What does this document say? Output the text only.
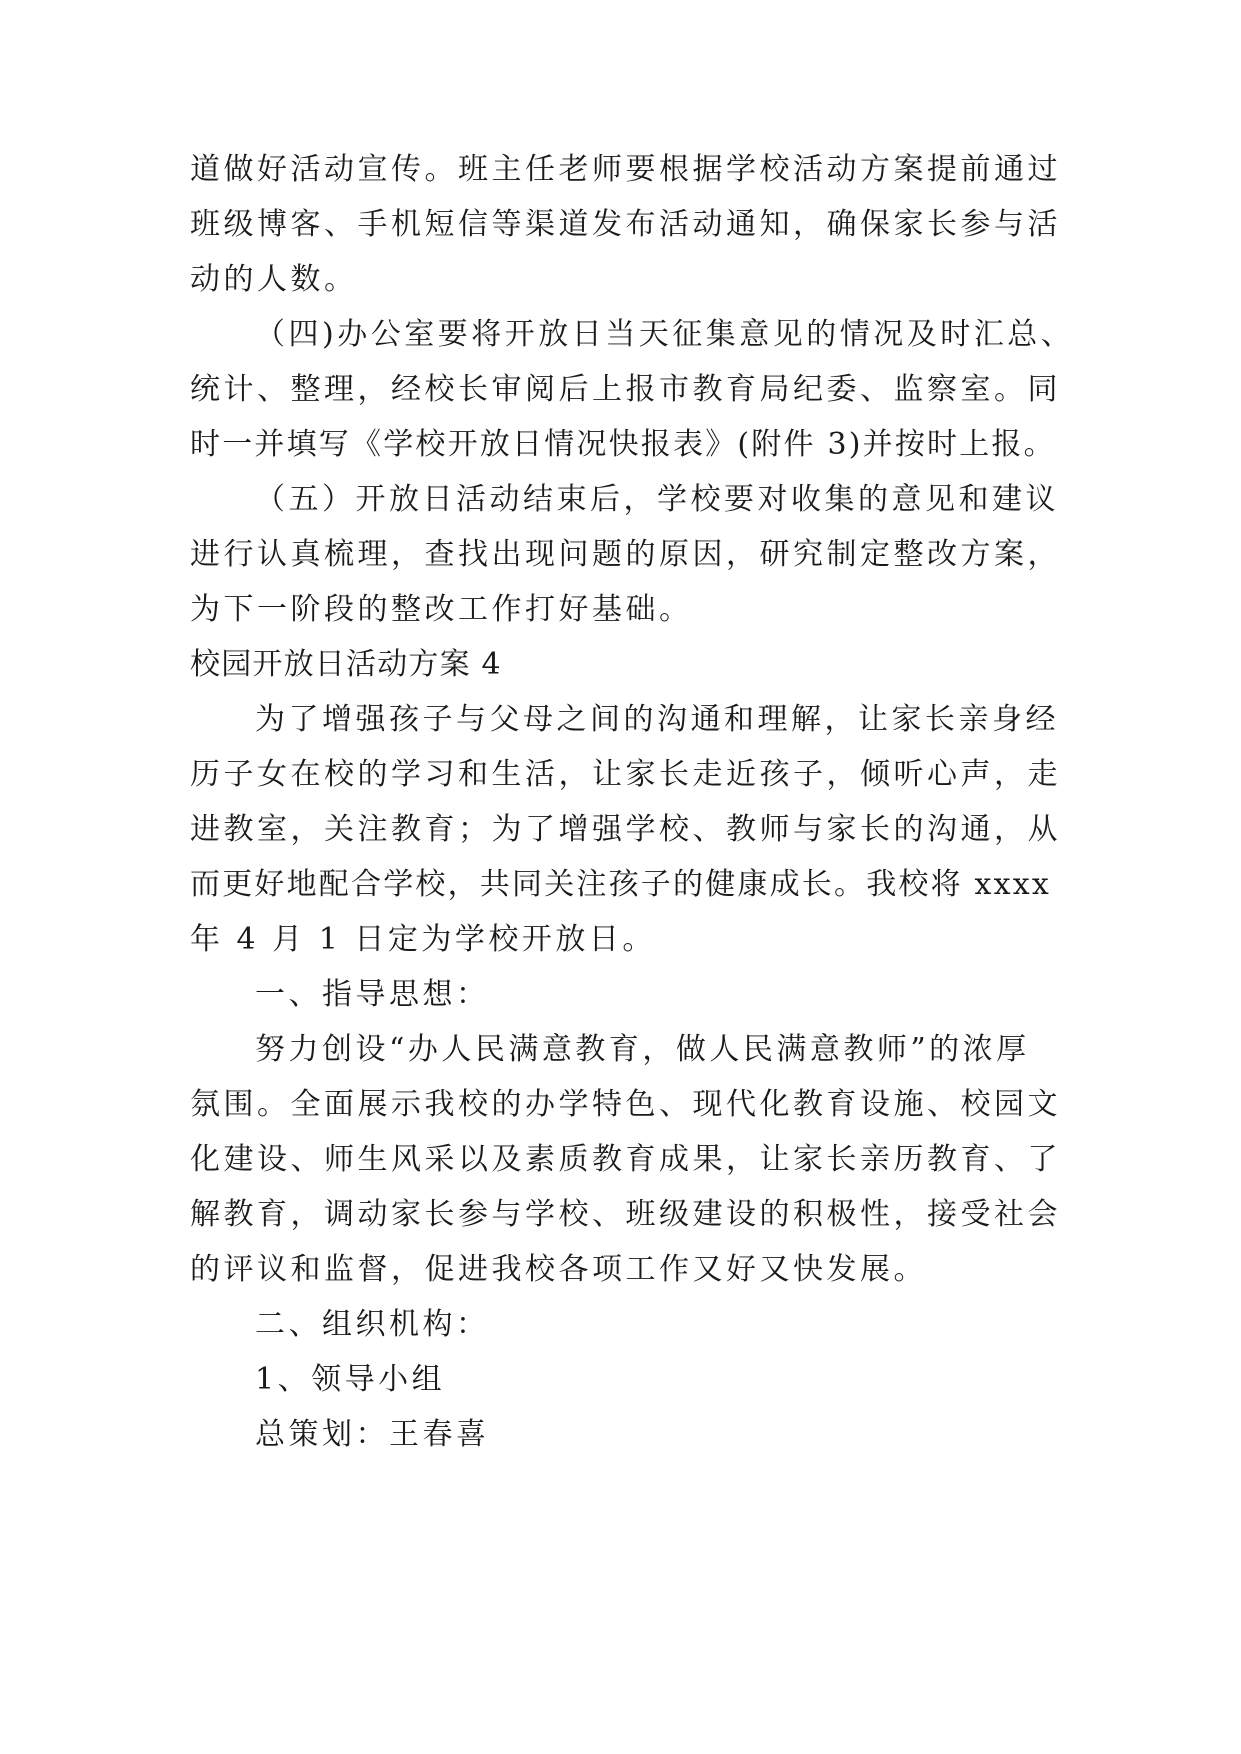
道做好活动宣传。班主任老师要根据学校活动方案提前通过
班级博客、手机短信等渠道发布活动通知，确保家长参与活
动的人数。
（四)办公室要将开放日当天征集意见的情况及时汇总、
统计、整理，经校长审阅后上报市教育局纪委、监察室。同
时一并填写《学校开放日情况快报表》(附件 3)并按时上报。
（五）开放日活动结束后，学校要对收集的意见和建议
进行认真梳理，查找出现问题的原因，研究制定整改方案，
为下一阶段的整改工作打好基础。
校园开放日活动方案 4
为了增强孩子与父母之间的沟通和理解，让家长亲身经
历子女在校的学习和生活，让家长走近孩子，倾听心声，走
进教室，关注教育；为了增强学校、教师与家长的沟通，从
而更好地配合学校，共同关注孩子的健康成长。我校将 xxxx
年 4 月 1 日定为学校开放日。
一、指导思想：
努力创设“办人民满意教育，做人民满意教师”的浓厚
氛围。全面展示我校的办学特色、现代化教育设施、校园文
化建设、师生风采以及素质教育成果，让家长亲历教育、了
解教育，调动家长参与学校、班级建设的积极性，接受社会
的评议和监督，促进我校各项工作又好又快发展。
二、组织机构：
1、领导小组
总策划：王春喜
